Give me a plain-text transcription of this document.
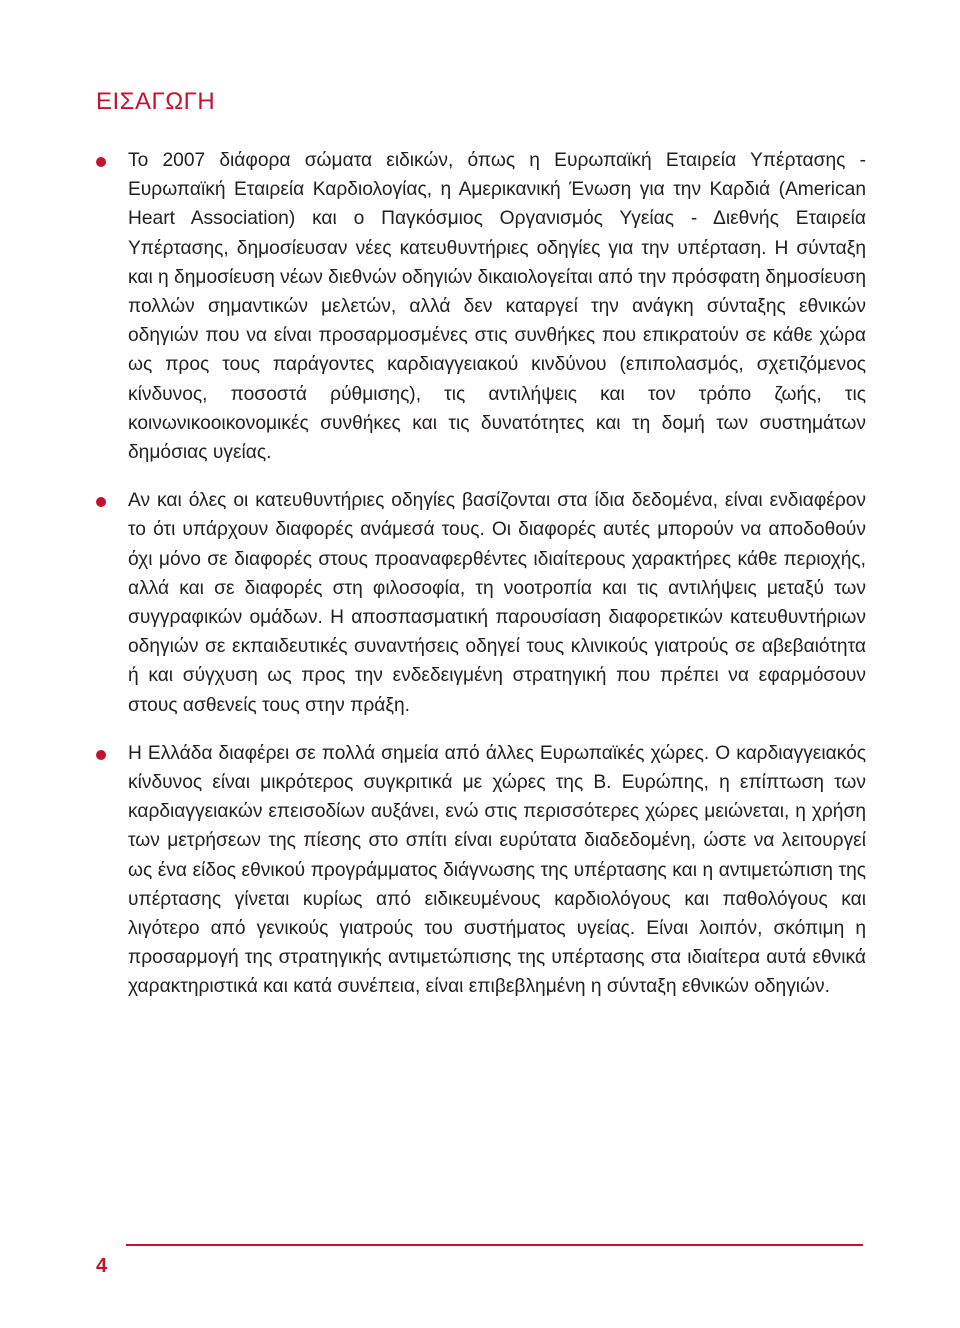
ΕΙΣΑΓΩΓΗ

Το 2007 διάφορα σώματα ειδικών, όπως η Ευρωπαϊκή Εταιρεία Υπέρτασης - Ευρωπαϊκή Εταιρεία Καρδιολογίας, η Αμερικανική Ένωση για την Καρδιά (American Heart Association) και ο Παγκόσμιος Οργανισμός Υγείας - Διεθνής Εταιρεία Υπέρτασης, δημοσίευσαν νέες κατευθυντήριες οδηγίες για την υπέρταση. Η σύνταξη και η δημοσίευση νέων διεθνών οδηγιών δικαιολογείται από την πρόσφατη δημοσίευση πολλών σημαντικών μελετών, αλλά δεν καταργεί την ανάγκη σύνταξης εθνικών οδηγιών που να είναι προσαρμοσμένες στις συνθήκες που επικρατούν σε κάθε χώρα ως προς τους παράγοντες καρδιαγγειακού κινδύνου (επιπολασμός, σχετιζόμενος κίνδυνος, ποσοστά ρύθμισης), τις αντιλήψεις και τον τρόπο ζωής, τις κοινωνικοοικονομικές συνθήκες και τις δυνατότητες και τη δομή των συστημάτων δημόσιας υγείας.

Αν και όλες οι κατευθυντήριες οδηγίες βασίζονται στα ίδια δεδομένα, είναι ενδιαφέρον το ότι υπάρχουν διαφορές ανάμεσά τους. Οι διαφορές αυτές μπορούν να αποδοθούν όχι μόνο σε διαφορές στους προαναφερθέντες ιδιαίτερους χαρακτήρες κάθε περιοχής, αλλά και σε διαφορές στη φιλοσοφία, τη νοοτροπία και τις αντιλήψεις μεταξύ των συγγραφικών ομάδων. Η αποσπασματική παρουσίαση διαφορετικών κατευθυντήριων οδηγιών σε εκπαιδευτικές συναντήσεις οδηγεί τους κλινικούς γιατρούς σε αβεβαιότητα ή και σύγχυση ως προς την ενδεδειγμένη στρατηγική που πρέπει να εφαρμόσουν στους ασθενείς τους στην πράξη.

Η Ελλάδα διαφέρει σε πολλά σημεία από άλλες Ευρωπαϊκές χώρες. Ο καρδιαγγειακός κίνδυνος είναι μικρότερος συγκριτικά με χώρες της Β. Ευρώπης, η επίπτωση των καρδιαγγειακών επεισοδίων αυξάνει, ενώ στις περισσότερες χώρες μειώνεται, η χρήση των μετρήσεων της πίεσης στο σπίτι είναι ευρύτατα διαδεδομένη, ώστε να λειτουργεί ως ένα είδος εθνικού προγράμματος διάγνωσης της υπέρτασης και η αντιμετώπιση της υπέρτασης γίνεται κυρίως από ειδικευμένους καρδιολόγους και παθολόγους και λιγότερο από γενικούς γιατρούς του συστήματος υγείας. Είναι λοιπόν, σκόπιμη η προσαρμογή της στρατηγικής αντιμετώπισης της υπέρτασης στα ιδιαίτερα αυτά εθνικά χαρακτηριστικά και κατά συνέπεια, είναι επιβεβλημένη η σύνταξη εθνικών οδηγιών.

4
